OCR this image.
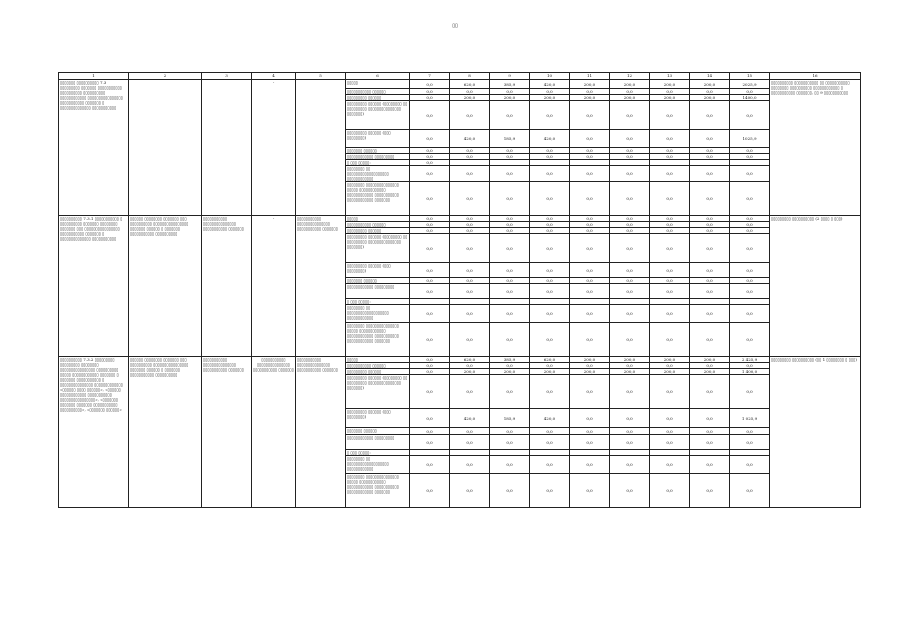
▯▯
1	2	3	4	5	6	7	8	9	10	11	12	13	14	15	16
▯▯▯▯▯▯▯ ▯▯▯▯▯▯▯▯▯▯ 7.3 ▯▯▯▯▯▯▯▯▯ ▯▯▯▯▯▯▯ ▯▯▯▯▯▯▯▯▯▯▯ ▯▯▯▯▯▯▯▯▯▯ ▯▯▯▯▯▯▯▯▯▯ ▯▯▯▯▯▯▯▯▯▯▯▯ ▯▯▯▯▯▯▯▯▯▯▯▯▯▯▯▯ ▯▯▯▯▯▯▯▯▯▯▯ ▯▯▯▯▯▯▯ ▯ ▯▯▯▯▯▯▯▯▯▯▯▯▯▯ ▯▯▯▯▯▯▯▯▯▯▯			-		▯▯▯▯▯	0,0	620,0	385,9	420,0	200,0	200,0	200,0	200,0	2025,9	▯▯▯▯▯▯▯▯▯▯ ▯▯▯▯▯▯▯▯▯▯▯ ▯▯ ▯▯▯▯▯▯▯▯▯▯▯ ▯▯▯▯▯▯▯▯ ▯▯▯▯▯▯▯▯▯▯ ▯▯▯▯▯▯▯▯▯▯▯▯ ▯ ▯▯▯▯▯▯▯▯▯▯▯ ▯▯▯▯▯▯▯, ▯▯ 9 ▯▯▯▯▯▯▯▯▯▯▯
					▯▯▯▯▯▯▯▯▯▯▯ ▯▯▯▯▯▯	0,0	0,0	0,0	0,0	0,0	0,0	0,0	0,0	0,0	
					▯▯▯▯▯▯▯▯▯ ▯▯▯▯▯▯	0,0	200,0	200,0	200,0	200,0	200,0	200,0	200,0	1400,0	
					▯▯▯▯▯▯▯▯▯ ▯▯▯▯▯▯ (▯▯▯▯▯▯▯▯ ▯▯ ▯▯▯▯▯▯▯▯▯ ▯▯▯▯▯▯▯▯▯▯▯▯▯▯▯ ▯▯▯▯▯▯▯)	0,0	0,0	0,0	0,0	0,0	0,0	0,0	0,0	0,0	
					▯▯▯▯▯▯▯▯▯ ▯▯▯▯▯▯ (▯▯▯ ▯▯▯▯▯▯▯▯)	0,0	420,0	185,9	420,0	0,0	0,0	0,0	0,0	1025,9	
					▯▯▯▯▯▯▯ ▯▯▯▯▯▯	0,0	0,0	0,0	0,0	0,0	0,0	0,0	0,0	0,0	
					▯▯▯▯▯▯▯▯▯▯▯▯ ▯▯▯▯▯▯▯▯▯	0,0	0,0	0,0	0,0	0,0	0,0	0,0	0,0	0,0	
					▯ ▯▯▯ ▯▯▯▯▯:	0,0									
					▯▯▯▯▯▯▯▯ ▯▯ ▯▯▯▯▯▯▯▯▯▯▯▯▯▯▯▯▯▯▯ ▯▯▯▯▯▯▯▯▯▯▯▯	0,0	0,0	0,0	0,0	0,0	0,0	0,0	0,0	0,0	
					▯▯▯▯▯▯▯▯ ▯▯▯▯▯▯▯▯▯▯▯▯▯▯▯ ▯▯▯▯▯ ▯▯▯▯▯▯▯▯▯▯▯▯ ▯▯▯▯▯▯▯▯▯▯▯▯ ▯▯▯▯▯▯▯▯▯▯▯ ▯▯▯▯▯▯▯▯▯▯▯▯ ▯▯▯▯▯▯▯	0,0	0,0	0,0	0,0	0,0	0,0	0,0	0,0	0,0	
▯▯▯▯▯▯▯▯▯▯ 7.3.1 ▯▯▯▯▯▯▯▯▯▯▯ ▯ ▯▯▯▯▯▯▯▯▯▯ ▯▯▯▯▯▯▯ ▯▯▯▯▯▯▯▯ ▯▯▯▯▯▯▯ ▯▯▯ ▯▯▯▯▯▯▯▯▯▯▯▯▯▯▯▯ ▯▯▯▯▯▯▯▯▯▯▯ ▯▯▯▯▯▯▯ ▯ ▯▯▯▯▯▯▯▯▯▯▯▯▯▯ ▯▯▯▯▯▯▯▯▯▯▯	▯▯▯▯▯▯ ▯▯▯▯▯▯▯▯ ▯▯▯▯▯▯▯ ▯▯▯ ▯▯▯▯▯▯▯▯▯▯ ▯▯▯▯▯▯▯▯▯▯▯▯▯▯▯▯ ▯▯▯▯▯▯▯ ▯▯▯▯▯▯ ▯ ▯▯▯▯▯▯▯ ▯▯▯▯▯▯▯▯▯▯▯ ▯▯▯▯▯▯▯▯▯▯	▯▯▯▯▯▯▯▯▯▯▯ ▯▯▯▯▯▯▯▯▯▯▯▯▯▯▯ ▯▯▯▯▯▯▯▯▯▯▯ ▯▯▯▯▯▯▯	-	▯▯▯▯▯▯▯▯▯▯▯ ▯▯▯▯▯▯▯▯▯▯▯▯▯▯▯ ▯▯▯▯▯▯▯▯▯▯▯ ▯▯▯▯▯▯▯	▯▯▯▯▯	0,0	0,0	0,0	0,0	0,0	0,0	0,0	0,0	0,0	▯▯▯▯▯▯▯▯▯ ▯▯▯▯▯▯▯▯▯▯ (2 ▯▯▯▯ ▯ ▯▯▯)
					▯▯▯▯▯▯▯▯▯▯▯ ▯▯▯▯▯▯	0,0	0,0	0,0	0,0	0,0	0,0	0,0	0,0	0,0	
					▯▯▯▯▯▯▯▯▯ ▯▯▯▯▯▯	0,0	0,0	0,0	0,0	0,0	0,0	0,0	0,0	0,0	
					▯▯▯▯▯▯▯▯▯ ▯▯▯▯▯▯ (▯▯▯▯▯▯▯▯ ▯▯ ▯▯▯▯▯▯▯▯▯ ▯▯▯▯▯▯▯▯▯▯▯▯▯▯▯ ▯▯▯▯▯▯▯)	0,0	0,0	0,0	0,0	0,0	0,0	0,0	0,0	0,0	
					▯▯▯▯▯▯▯▯▯ ▯▯▯▯▯▯ (▯▯▯ ▯▯▯▯▯▯▯▯)	0,0	0,0	0,0	0,0	0,0	0,0	0,0	0,0	0,0	
					▯▯▯▯▯▯▯ ▯▯▯▯▯▯	0,0	0,0	0,0	0,0	0,0	0,0	0,0	0,0	0,0	
					▯▯▯▯▯▯▯▯▯▯▯▯ ▯▯▯▯▯▯▯▯▯	0,0	0,0	0,0	0,0	0,0	0,0	0,0	0,0	0,0	
					▯ ▯▯▯ ▯▯▯▯▯:										
					▯▯▯▯▯▯▯▯ ▯▯ ▯▯▯▯▯▯▯▯▯▯▯▯▯▯▯▯▯▯▯ ▯▯▯▯▯▯▯▯▯▯▯▯	0,0	0,0	0,0	0,0	0,0	0,0	0,0	0,0	0,0	
					▯▯▯▯▯▯▯▯ ▯▯▯▯▯▯▯▯▯▯▯▯▯▯▯ ▯▯▯▯▯ ▯▯▯▯▯▯▯▯▯▯▯▯ ▯▯▯▯▯▯▯▯▯▯▯▯ ▯▯▯▯▯▯▯▯▯▯▯ ▯▯▯▯▯▯▯▯▯▯▯▯ ▯▯▯▯▯▯▯	0,0	0,0	0,0	0,0	0,0	0,0	0,0	0,0	0,0	
▯▯▯▯▯▯▯▯▯▯ 7.3.2 ▯▯▯▯▯▯▯▯▯ ▯▯▯▯▯▯▯▯▯ ▯▯▯▯▯▯▯▯ ▯▯▯▯▯▯▯▯▯▯▯▯▯▯▯▯ ▯▯▯▯▯▯▯▯▯▯ ▯▯▯▯▯ ▯▯▯▯▯▯▯▯▯▯▯▯ ▯▯▯▯▯▯▯ ▯ ▯▯▯▯▯▯▯ ▯▯▯▯▯▯▯▯▯▯▯ ▯ ▯▯▯▯▯▯▯▯▯▯▯▯▯▯▯ ▯▯▯▯▯▯▯▯▯▯▯▯▯ «▯▯▯▯▯▯ ▯▯▯▯ ▯▯▯▯▯▯», «▯▯▯▯▯▯ ▯▯▯▯▯▯▯▯▯▯▯▯ ▯▯▯▯▯▯▯▯▯▯▯ ▯▯▯▯▯▯▯▯▯▯▯▯▯▯▯▯», «▯▯▯▯▯▯▯ ▯▯▯▯▯▯▯ ▯▯▯▯▯▯▯ ▯▯▯▯▯▯▯▯▯▯▯ ▯▯▯▯▯▯▯▯▯▯», «▯▯▯▯▯▯▯ ▯▯▯▯▯▯»	▯▯▯▯▯▯ ▯▯▯▯▯▯▯▯ ▯▯▯▯▯▯▯ ▯▯▯ ▯▯▯▯▯▯▯▯▯▯ ▯▯▯▯▯▯▯▯▯▯▯▯▯▯▯▯ ▯▯▯▯▯▯▯ ▯▯▯▯▯▯ ▯ ▯▯▯▯▯▯▯ ▯▯▯▯▯▯▯▯▯▯▯ ▯▯▯▯▯▯▯▯▯▯	▯▯▯▯▯▯▯▯▯▯▯ ▯▯▯▯▯▯▯▯▯▯▯▯▯▯▯ ▯▯▯▯▯▯▯▯▯▯▯ ▯▯▯▯▯▯▯	▯▯▯▯▯▯▯▯▯▯▯ ▯▯▯▯▯▯▯▯▯▯▯▯▯▯▯ ▯▯▯▯▯▯▯▯▯▯▯ ▯▯▯▯▯▯▯	▯▯▯▯▯▯▯▯▯▯▯ ▯▯▯▯▯▯▯▯▯▯▯▯▯▯▯ ▯▯▯▯▯▯▯▯▯▯▯ ▯▯▯▯▯▯▯	▯▯▯▯▯	0,0	620,0	385,9	620,0	200,0	200,0	200,0	200,0	2 425,9	▯▯▯▯▯▯▯▯▯ ▯▯▯▯▯▯▯▯▯▯ (▯▯ 1 ▯▯▯▯▯▯▯▯ ▯ ▯▯▯)
					▯▯▯▯▯▯▯▯▯▯▯ ▯▯▯▯▯▯	0,0	0,0	0,0	0,0	0,0	0,0	0,0	0,0	0,0	
					▯▯▯▯▯▯▯▯▯ ▯▯▯▯▯▯	0,0	200,0	200,0	200,0	200,0	200,0	200,0	200,0	1 400,0	
					▯▯▯▯▯▯▯▯▯ ▯▯▯▯▯▯ (▯▯▯▯▯▯▯▯ ▯▯ ▯▯▯▯▯▯▯▯▯ ▯▯▯▯▯▯▯▯▯▯▯▯▯▯▯ ▯▯▯▯▯▯▯)	0,0	0,0	0,0	0,0	0,0	0,0	0,0	0,0	0,0	
					▯▯▯▯▯▯▯▯▯ ▯▯▯▯▯▯ (▯▯▯ ▯▯▯▯▯▯▯▯)	0,0	420,0	185,9	420,0	0,0	0,0	0,0	0,0	1 025,9	
					▯▯▯▯▯▯▯ ▯▯▯▯▯▯	0,0	0,0	0,0	0,0	0,0	0,0	0,0	0,0	0,0	
					▯▯▯▯▯▯▯▯▯▯▯▯ ▯▯▯▯▯▯▯▯▯	0,0	0,0	0,0	0,0	0,0	0,0	0,0	0,0	0,0	
					▯ ▯▯▯ ▯▯▯▯▯:										
					▯▯▯▯▯▯▯▯ ▯▯ ▯▯▯▯▯▯▯▯▯▯▯▯▯▯▯▯▯▯▯ ▯▯▯▯▯▯▯▯▯▯▯▯	0,0	0,0	0,0	0,0	0,0	0,0	0,0	0,0	0,0	
					▯▯▯▯▯▯▯▯ ▯▯▯▯▯▯▯▯▯▯▯▯▯▯▯ ▯▯▯▯▯ ▯▯▯▯▯▯▯▯▯▯▯▯ ▯▯▯▯▯▯▯▯▯▯▯▯ ▯▯▯▯▯▯▯▯▯▯▯ ▯▯▯▯▯▯▯▯▯▯▯▯ ▯▯▯▯▯▯▯	0,0	0,0	0,0	0,0	0,0	0,0	0,0	0,0	0,0	
